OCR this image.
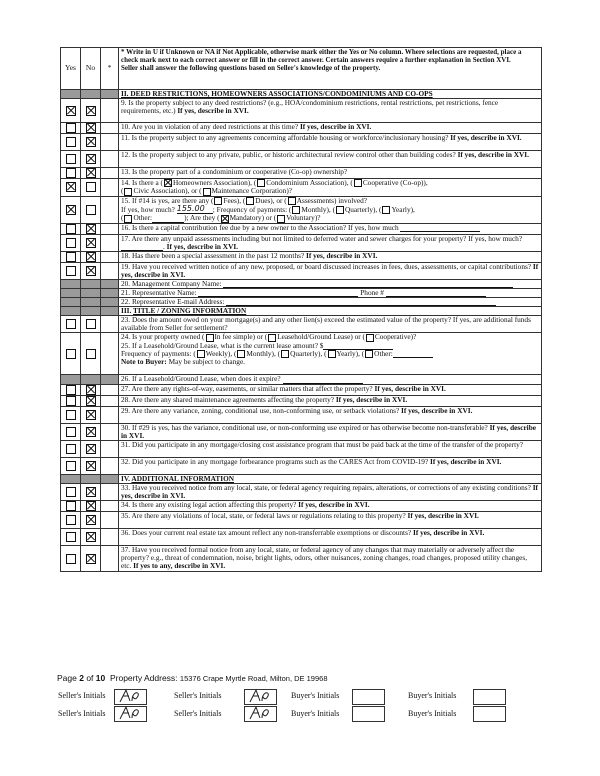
Yes	No	*	* Write in U if Unknown or NA if Not Applicable, otherwise mark either the Yes or No column. Where selections are requested, place a check mark next to each correct answer or fill in the correct answer. Certain answers require a further explanation in Section XVI.
Seller shall answer the following questions based on Seller's knowledge of the property.
			II. DEED RESTRICTIONS, HOMEOWNERS ASSOCIATIONS/CONDOMINIUMS AND CO-OPS
			9. Is the property subject to any deed restrictions? (e.g., HOA/condominium restrictions, rental restrictions, pet restrictions, fence requirements, etc.) If yes, describe in XVI.
			10. Are you in violation of any deed restrictions at this time? If yes, describe in XVI.
			11. Is the property subject to any agreements concerning affordable housing or workforce/inclusionary housing? If yes, describe in XVI.
			12. Is the property subject to any private, public, or historic architectural review control other than building codes? If yes, describe in XVI.
			13. Is the property part of a condominium or cooperative (Co-op) ownership?
			14. Is there a ( Homeowners Association), ( Condominium Association), ( Cooperative (Co-op)),
( Civic Association), or ( Maintenance Corporation)?
			15. If #14 is yes, are there any ( Fees), ( Dues), or ( Assessments) involved?
If yes, how much? 155.00 ; Frequency of payments: ( Monthly), ( Quarterly), ( Yearly),
( Other: ); Are they ( Mandatory) or ( Voluntary)?
			16. Is there a capital contribution fee due by a new owner to the Association? If yes, how much
			17. Are there any unpaid assessments including but not limited to deferred water and sewer charges for your property? If yes, how much? . If yes, describe in XVI.
			18. Has there been a special assessment in the past 12 months? If yes, describe in XVI.
			19. Have you received written notice of any new, proposed, or board discussed increases in fees, dues, assessments, or capital contributions? If yes, describe in XVI.
			20. Management Company Name:
			21. Representative Name: Phone #
			22. Representative E-mail Address:
			III. TITLE / ZONING INFORMATION
			23. Does the amount owed on your mortgage(s) and any other lien(s) exceed the estimated value of the property? If yes, are additional funds available from Seller for settlement?
			24. Is your property owned ( In fee simple) or ( Leasehold/Ground Lease) or ( Cooperative)?
25. If a Leasehold/Ground Lease, what is the current lease amount? $
Frequency of payments: ( Weekly), ( Monthly), ( Quarterly), ( Yearly), ( Other:
Note to Buyer: May be subject to change.
			26. If a Leasehold/Ground Lease, when does it expire?
			27. Are there any rights-of-way, easements, or similar matters that affect the property? If yes, describe in XVI.
			28. Are there any shared maintenance agreements affecting the property? If yes, describe in XVI.
			29. Are there any variance, zoning, conditional use, non-conforming use, or setback violations? If yes, describe in XVI.
			30. If #29 is yes, has the variance, conditional use, or non-conforming use expired or has otherwise become non-transferable? If yes, describe in XVI.
			31. Did you participate in any mortgage/closing cost assistance program that must be paid back at the time of the transfer of the property?
			32. Did you participate in any mortgage forbearance programs such as the CARES Act from COVID-19? If yes, describe in XVI.
			IV. ADDITIONAL INFORMATION
			33. Have you received notice from any local, state, or federal agency requiring repairs, alterations, or corrections of any existing conditions? If yes, describe in XVI.
			34. Is there any existing legal action affecting this property? If yes, describe in XVI.
			35. Are there any violations of local, state, or federal laws or regulations relating to this property? If yes, describe in XVI.
			36. Does your current real estate tax amount reflect any non-transferrable exemptions or discounts? If yes, describe in XVI.
			37. Have you received formal notice from any local, state, or federal agency of any changes that may materially or adversely affect the property? e.g., threat of condemnation, noise, bright lights, odors, other nuisances, zoning changes, road changes, proposed utility changes, etc. If yes to any, describe in XVI.
Page 2 of 10 Property Address: 15376 Crape Myrtle Road, Milton, DE 19968
Seller's Initials	Seller's Initials	Buyer's Initials	Buyer's Initials
Seller's Initials	Seller's Initials	Buyer's Initials	Buyer's Initials
